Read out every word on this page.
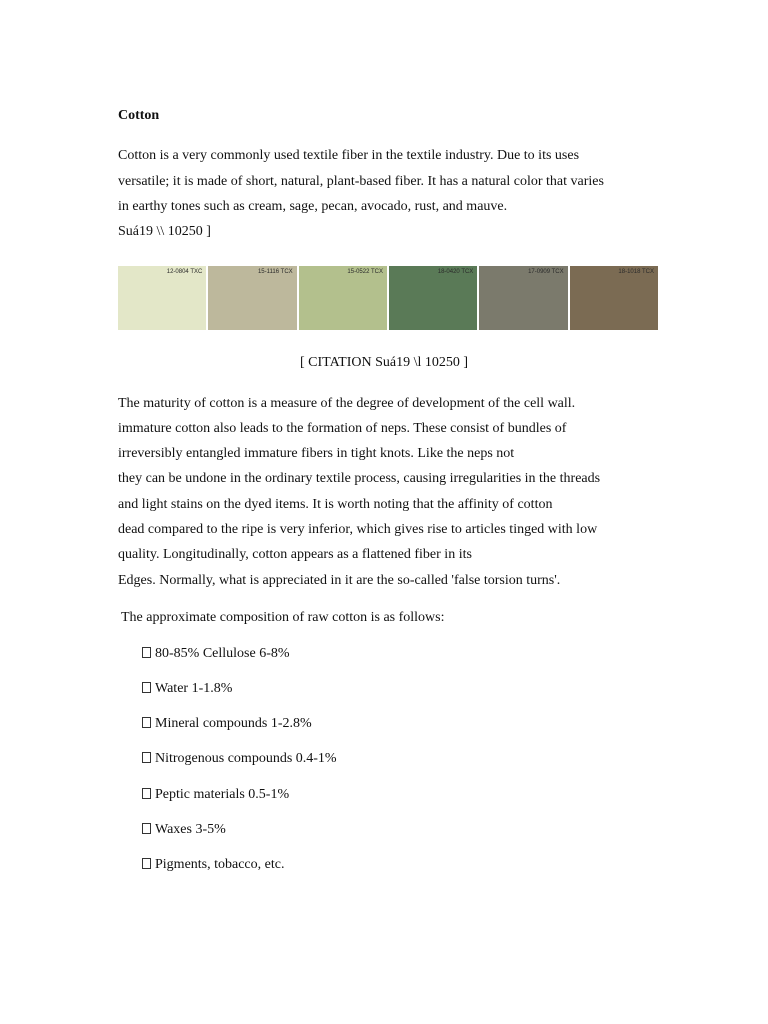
Cotton
Cotton is a very commonly used textile fiber in the textile industry. Due to its uses
versatile; it is made of short, natural, plant-based fiber. It has a natural color that varies
in earthy tones such as cream, sage, pecan, avocado, rust, and mauve.
Suá19 \\ 10250 ]
12-0804 TXC	15-1116 TCX	15-0522 TCX	18-0420 TCX	17-0909 TCX	18-1018 TCX
[ CITATION Suá19 \l 10250 ]
The maturity of cotton is a measure of the degree of development of the cell wall.
immature cotton also leads to the formation of neps. These consist of bundles of
irreversibly entangled immature fibers in tight knots. Like the neps not
they can be undone in the ordinary textile process, causing irregularities in the threads
and light stains on the dyed items. It is worth noting that the affinity of cotton
dead compared to the ripe is very inferior, which gives rise to articles tinged with low
quality. Longitudinally, cotton appears as a flattened fiber in its
Edges. Normally, what is appreciated in it are the so-called 'false torsion turns'.
The approximate composition of raw cotton is as follows:
80-85% Cellulose 6-8%
Water 1-1.8%
Mineral compounds 1-2.8%
Nitrogenous compounds 0.4-1%
Peptic materials 0.5-1%
Waxes 3-5%
Pigments, tobacco, etc.
